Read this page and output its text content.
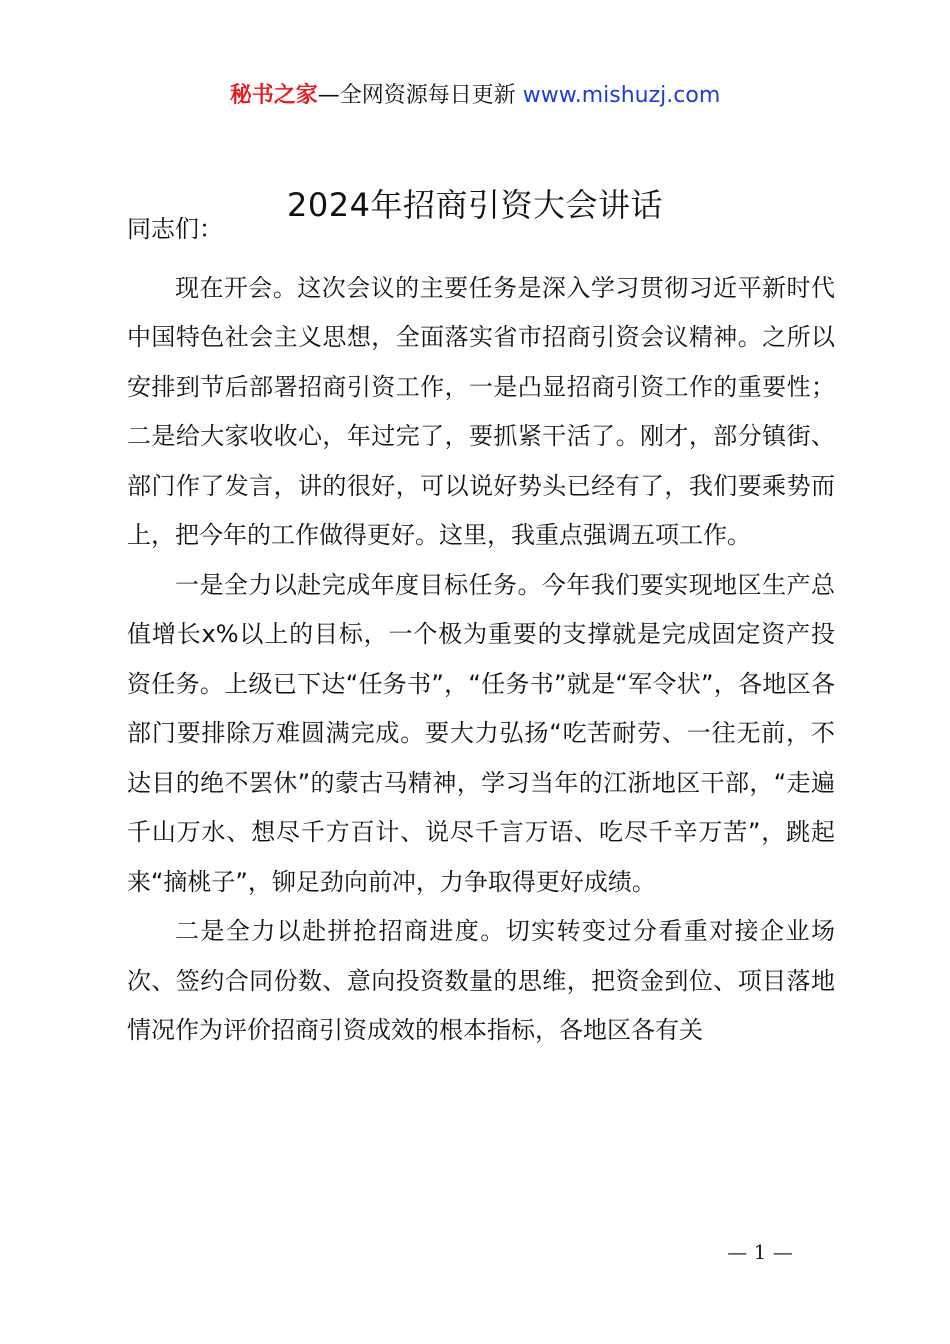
秘书之家—全网资源每日更新 www.mishuzj.com
2024年招商引资大会讲话

同志们：

现在开会。这次会议的主要任务是深入学习贯彻习近平新时代中国特色社会主义思想，全面落实省市招商引资会议精神。之所以安排到节后部署招商引资工作，一是凸显招商引资工作的重要性；二是给大家收收心，年过完了，要抓紧干活了。刚才，部分镇街、部门作了发言，讲的很好，可以说好势头已经有了，我们要乘势而上，把今年的工作做得更好。这里，我重点强调五项工作。

一是全力以赴完成年度目标任务。今年我们要实现地区生产总值增长x%以上的目标，一个极为重要的支撑就是完成固定资产投资任务。上级已下达“任务书”，“任务书”就是“军令状”，各地区各部门要排除万难圆满完成。要大力弘扬“吃苦耐劳、一往无前，不达目的绝不罢休”的蒙古马精神，学习当年的江浙地区干部，“走遍千山万水、想尽千方百计、说尽千言万语、吃尽千辛万苦”，跳起来“摘桃子”，铆足劲向前冲，力争取得更好成绩。

二是全力以赴拼抢招商进度。切实转变过分看重对接企业场次、签约合同份数、意向投资数量的思维，把资金到位、项目落地情况作为评价招商引资成效的根本指标，各地区各有关

— 1 —
